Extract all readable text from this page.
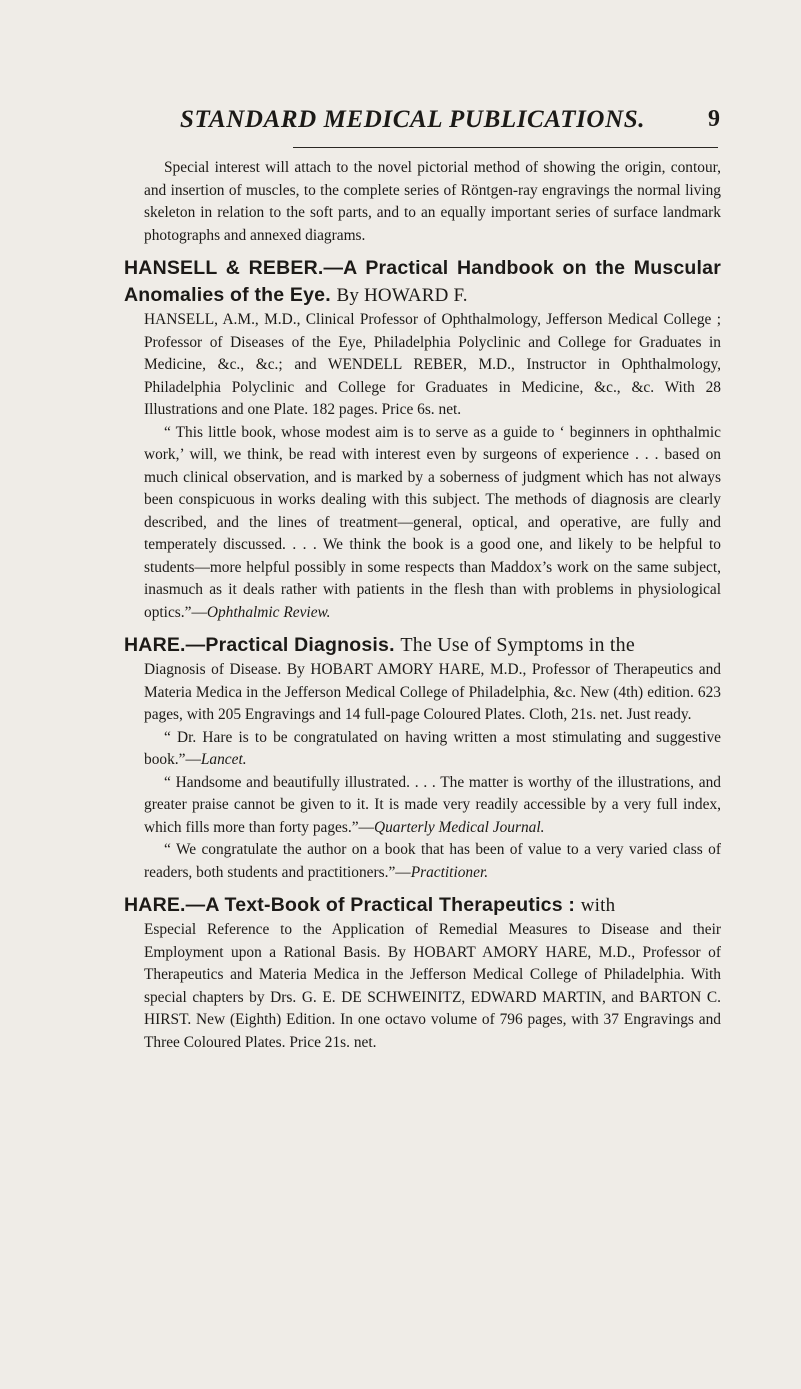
STANDARD MEDICAL PUBLICATIONS.	9

Special interest will attach to the novel pictorial method of showing the origin, contour, and insertion of muscles, to the complete series of Röntgen-ray engravings the normal living skeleton in relation to the soft parts, and to an equally important series of surface landmark photographs and annexed diagrams.

HANSELL & REBER.—A Practical Handbook on the Muscular Anomalies of the Eye. By HOWARD F.

HANSELL, A.M., M.D., Clinical Professor of Ophthalmology, Jefferson Medical College ; Professor of Diseases of the Eye, Philadelphia Polyclinic and College for Graduates in Medicine, &c., &c.; and WENDELL REBER, M.D., Instructor in Ophthalmology, Philadelphia Polyclinic and College for Graduates in Medicine, &c., &c. With 28 Illustrations and one Plate. 182 pages. Price 6s. net.

“ This little book, whose modest aim is to serve as a guide to ‘ beginners in ophthalmic work,’ will, we think, be read with interest even by surgeons of experience . . . based on much clinical observation, and is marked by a soberness of judgment which has not always been conspicuous in works dealing with this subject. The methods of diagnosis are clearly described, and the lines of treatment—general, optical, and operative, are fully and temperately discussed. . . . We think the book is a good one, and likely to be helpful to students—more helpful possibly in some respects than Maddox’s work on the same subject, inasmuch as it deals rather with patients in the flesh than with problems in physiological optics.”—Ophthalmic Review.

HARE.—Practical Diagnosis. The Use of Symptoms in the

Diagnosis of Disease. By HOBART AMORY HARE, M.D., Professor of Therapeutics and Materia Medica in the Jefferson Medical College of Philadelphia, &c. New (4th) edition. 623 pages, with 205 Engravings and 14 full-page Coloured Plates. Cloth, 21s. net. Just ready.

“ Dr. Hare is to be congratulated on having written a most stimulating and suggestive book.”—Lancet.

“ Handsome and beautifully illustrated. . . . The matter is worthy of the illustrations, and greater praise cannot be given to it. It is made very readily accessible by a very full index, which fills more than forty pages.”—Quarterly Medical Journal.

“ We congratulate the author on a book that has been of value to a very varied class of readers, both students and practitioners.”—Practitioner.

HARE.—A Text-Book of Practical Therapeutics : with

Especial Reference to the Application of Remedial Measures to Disease and their Employment upon a Rational Basis. By HOBART AMORY HARE, M.D., Professor of Therapeutics and Materia Medica in the Jefferson Medical College of Philadelphia. With special chapters by Drs. G. E. DE SCHWEINITZ, EDWARD MARTIN, and BARTON C. HIRST. New (Eighth) Edition. In one octavo volume of 796 pages, with 37 Engravings and Three Coloured Plates. Price 21s. net.
